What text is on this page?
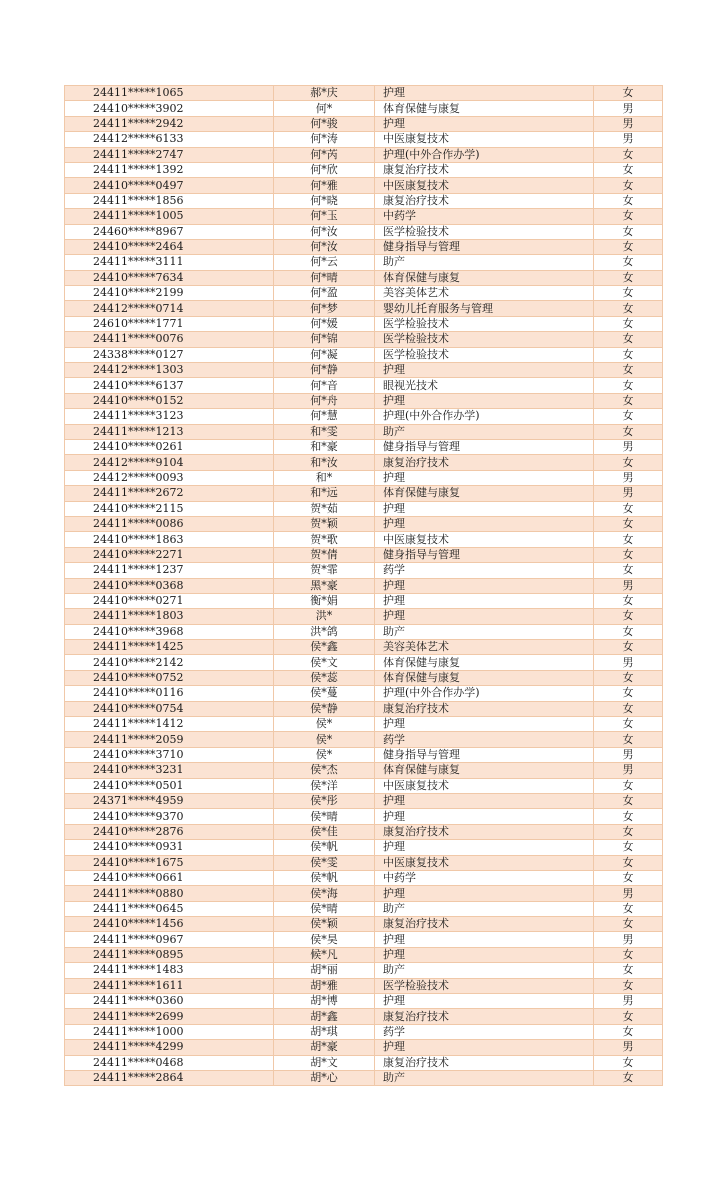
24411*****1065	郝*庆	护理	女
24410*****3902	何*	体育保健与康复	男
24411*****2942	何*骏	护理	男
24412*****6133	何*涛	中医康复技术	男
24411*****2747	何*芮	护理(中外合作办学)	女
24411*****1392	何*欣	康复治疗技术	女
24410*****0497	何*雅	中医康复技术	女
24411*****1856	何*晓	康复治疗技术	女
24411*****1005	何*玉	中药学	女
24460*****8967	何*汝	医学检验技术	女
24410*****2464	何*汝	健身指导与管理	女
24411*****3111	何*云	助产	女
24410*****7634	何*晴	体育保健与康复	女
24410*****2199	何*盈	美容美体艺术	女
24412*****0714	何*梦	婴幼儿托育服务与管理	女
24610*****1771	何*媛	医学检验技术	女
24411*****0076	何*锦	医学检验技术	女
24338*****0127	何*凝	医学检验技术	女
24412*****1303	何*静	护理	女
24410*****6137	何*音	眼视光技术	女
24410*****0152	何*舟	护理	女
24411*****3123	何*慧	护理(中外合作办学)	女
24411*****1213	和*雯	助产	女
24410*****0261	和*豪	健身指导与管理	男
24412*****9104	和*汝	康复治疗技术	女
24412*****0093	和*	护理	男
24411*****2672	和*远	体育保健与康复	男
24410*****2115	贺*茹	护理	女
24411*****0086	贺*颖	护理	女
24410*****1863	贺*歌	中医康复技术	女
24410*****2271	贺*倩	健身指导与管理	女
24411*****1237	贺*霏	药学	女
24410*****0368	黑*豪	护理	男
24410*****0271	衡*娟	护理	女
24411*****1803	洪*	护理	女
24410*****3968	洪*鸽	助产	女
24411*****1425	侯*鑫	美容美体艺术	女
24410*****2142	侯*文	体育保健与康复	男
24410*****0752	侯*蕊	体育保健与康复	女
24410*****0116	侯*蔓	护理(中外合作办学)	女
24410*****0754	侯*静	康复治疗技术	女
24411*****1412	侯*	护理	女
24411*****2059	侯*	药学	女
24410*****3710	侯*	健身指导与管理	男
24410*****3231	侯*杰	体育保健与康复	男
24410*****0501	侯*洋	中医康复技术	女
24371*****4959	侯*彤	护理	女
24410*****9370	侯*晴	护理	女
24410*****2876	侯*佳	康复治疗技术	女
24410*****0931	侯*帆	护理	女
24410*****1675	侯*雯	中医康复技术	女
24410*****0661	侯*帆	中药学	女
24411*****0880	侯*海	护理	男
24411*****0645	侯*晴	助产	女
24410*****1456	侯*颖	康复治疗技术	女
24411*****0967	侯*昊	护理	男
24411*****0895	候*凡	护理	女
24411*****1483	胡*丽	助产	女
24411*****1611	胡*雅	医学检验技术	女
24411*****0360	胡*博	护理	男
24411*****2699	胡*鑫	康复治疗技术	女
24411*****1000	胡*琪	药学	女
24411*****4299	胡*豪	护理	男
24411*****0468	胡*文	康复治疗技术	女
24411*****2864	胡*心	助产	女
